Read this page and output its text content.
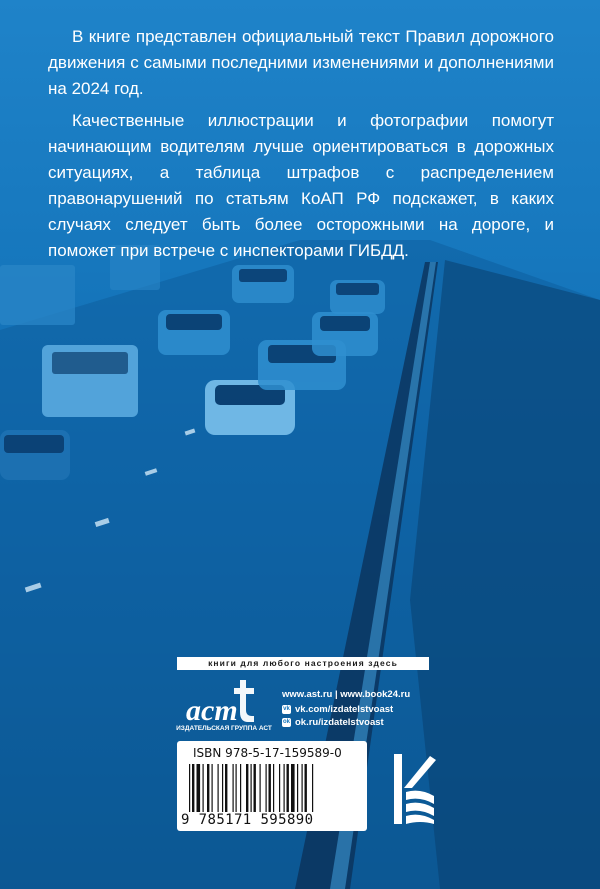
В книге представлен официальный текст Правил дорожного движения с самыми последними изменениями и дополнениями на 2024 год.

Качественные иллюстрации и фотографии помогут начинающим водителям лучше ориентироваться в дорожных ситуациях, а таблица штрафов с распределением правонарушений по статьям КоАП РФ подскажет, в каких случаях следует быть более осторожными на дороге, и поможет при встрече с инспекторами ГИБДД.

книги для любого настроения здесь
aст
ИЗДАТЕЛЬСКАЯ ГРУППА АСТ
www.ast.ru | www.book24.ru
vk vk.com/izdatelstvoast
ok ok.ru/izdatelstvoast
ISBN 978-5-17-159589-0
9 785171 595890
